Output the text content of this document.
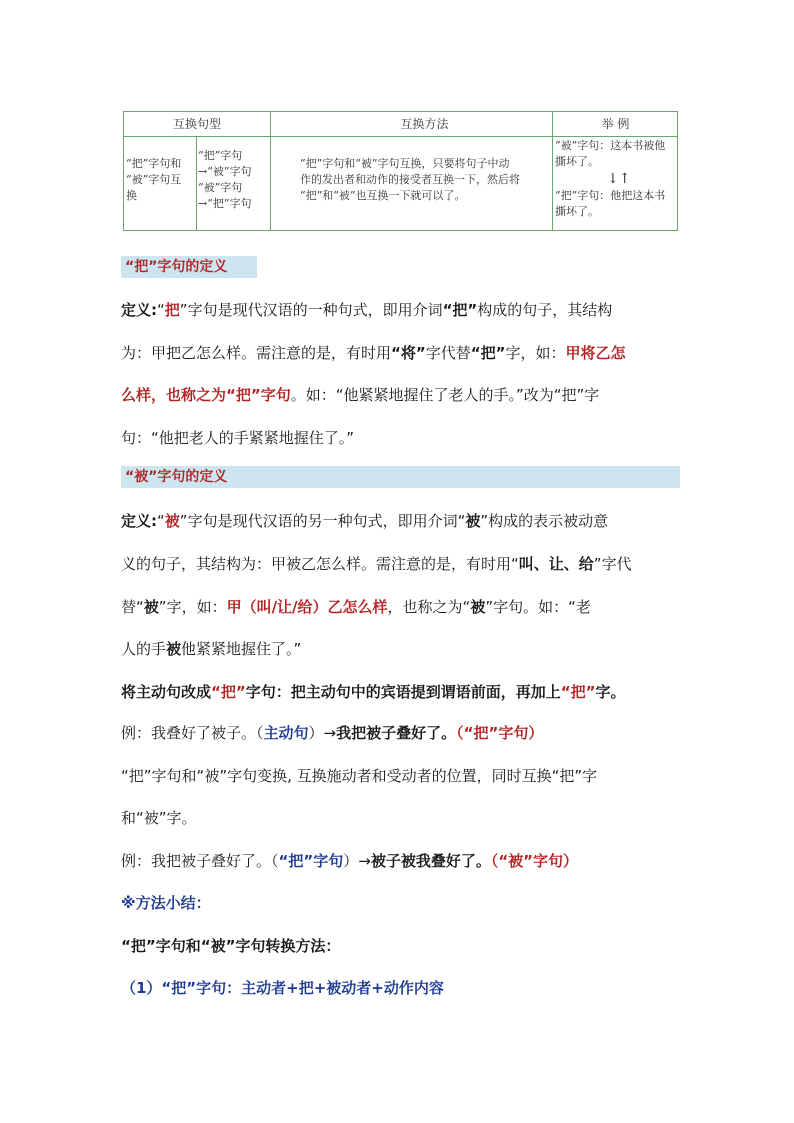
互换句型	互换方法	举 例
“把”字句和
“被”字句互
换
“把”字句
→“被”字句
“被”字句
→“把”字句
“把”字句和“被”字句互换，只要将句子中动
作的发出者和动作的接受者互换一下，然后将
“把”和“被”也互换一下就可以了。
“被”字句：这本书被他
撕坏了。
↓↑
“把”字句：他把这本书
撕坏了。
“把”字句的定义
定义:“把”字句是现代汉语的一种句式，即用介词“把”构成的句子，其结构
为：甲把乙怎么样。需注意的是，有时用“将”字代替“把”字，如：甲将乙怎
么样，也称之为“把”字句。如：“他紧紧地握住了老人的手。”改为“把”字
句：“他把老人的手紧紧地握住了。”
“被”字句的定义
定义:“被”字句是现代汉语的另一种句式，即用介词“被”构成的表示被动意
义的句子，其结构为：甲被乙怎么样。需注意的是，有时用“叫、让、给”字代
替“被”字，如：甲（叫/让/给）乙怎么样，也称之为“被”字句。如：“老
人的手被他紧紧地握住了。”
将主动句改成“把”字句：把主动句中的宾语提到谓语前面，再加上“把”字。
例：我叠好了被子。（主动句）→我把被子叠好了。（“把”字句）
“把”字句和“被”字句变换, 互换施动者和受动者的位置，同时互换“把”字
和“被”字。
例：我把被子叠好了。（“把”字句）→被子被我叠好了。（“被”字句）
※方法小结：
“把”字句和“被”字句转换方法：
（1）“把”字句：主动者+把+被动者+动作内容
